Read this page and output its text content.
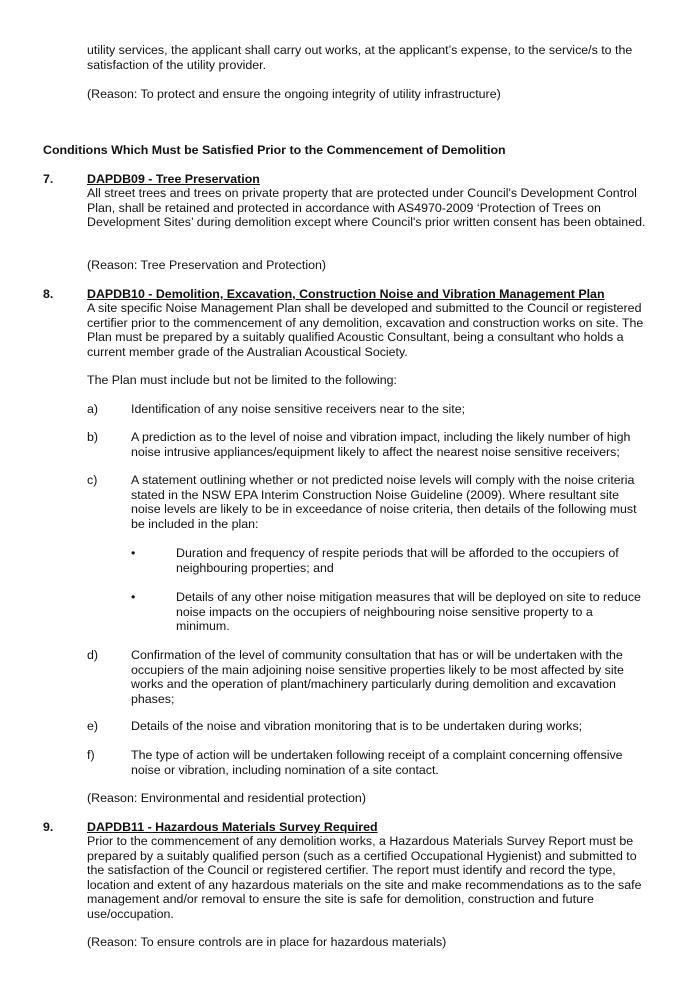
utility services, the applicant shall carry out works, at the applicant’s expense, to the service/s to the satisfaction of the utility provider.

(Reason: To protect and ensure the ongoing integrity of utility infrastructure)

Conditions Which Must be Satisfied Prior to the Commencement of Demolition

7.	DAPDB09 - Tree Preservation

All street trees and trees on private property that are protected under Council's Development Control Plan, shall be retained and protected in accordance with AS4970-2009 ‘Protection of Trees on Development Sites’ during demolition except where Council's prior written consent has been obtained.

(Reason: Tree Preservation and Protection)

8.	DAPDB10 - Demolition, Excavation, Construction Noise and Vibration Management Plan

A site specific Noise Management Plan shall be developed and submitted to the Council or registered certifier prior to the commencement of any demolition, excavation and construction works on site. The Plan must be prepared by a suitably qualified Acoustic Consultant, being a consultant who holds a current member grade of the Australian Acoustical Society.

The Plan must include but not be limited to the following:

a)	Identification of any noise sensitive receivers near to the site;

b)	A prediction as to the level of noise and vibration impact, including the likely number of high noise intrusive appliances/equipment likely to affect the nearest noise sensitive receivers;

c)	A statement outlining whether or not predicted noise levels will comply with the noise criteria stated in the NSW EPA Interim Construction Noise Guideline (2009). Where resultant site noise levels are likely to be in exceedance of noise criteria, then details of the following must be included in the plan:

•	Duration and frequency of respite periods that will be afforded to the occupiers of neighbouring properties; and

•	Details of any other noise mitigation measures that will be deployed on site to reduce noise impacts on the occupiers of neighbouring noise sensitive property to a minimum.

d)	Confirmation of the level of community consultation that has or will be undertaken with the occupiers of the main adjoining noise sensitive properties likely to be most affected by site works and the operation of plant/machinery particularly during demolition and excavation phases;

e)	Details of the noise and vibration monitoring that is to be undertaken during works;

f)	The type of action will be undertaken following receipt of a complaint concerning offensive noise or vibration, including nomination of a site contact.

(Reason: Environmental and residential protection)

9.	DAPDB11 - Hazardous Materials Survey Required

Prior to the commencement of any demolition works, a Hazardous Materials Survey Report must be prepared by a suitably qualified person (such as a certified Occupational Hygienist) and submitted to the satisfaction of the Council or registered certifier. The report must identify and record the type, location and extent of any hazardous materials on the site and make recommendations as to the safe management and/or removal to ensure the site is safe for demolition, construction and future use/occupation.

(Reason: To ensure controls are in place for hazardous materials)
